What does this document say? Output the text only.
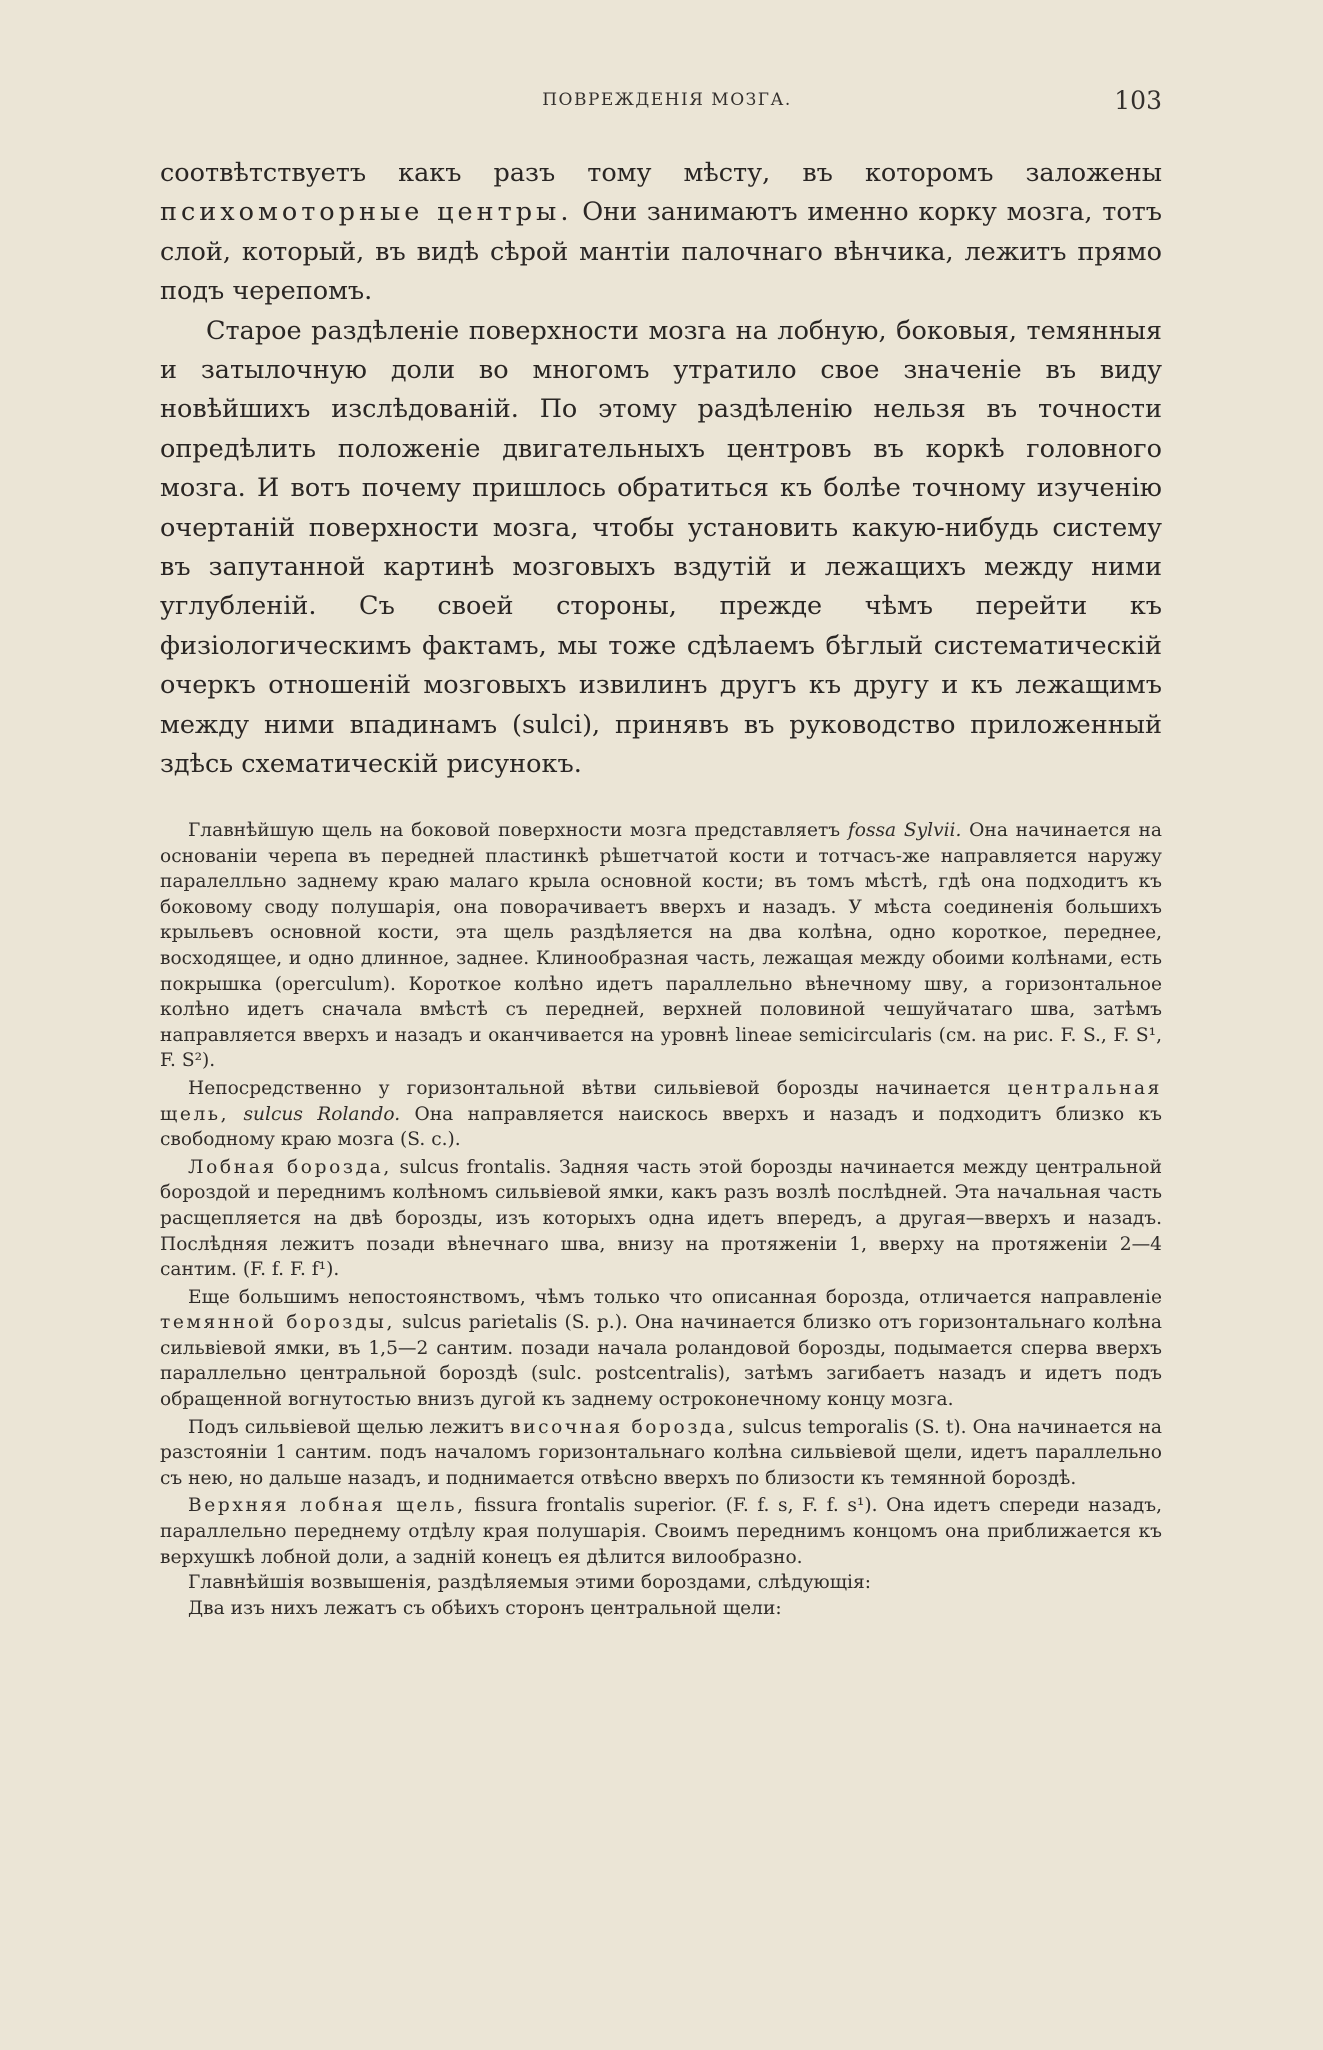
ПОВРЕЖДЕНІЯ МОЗГА.	103

соотвѣтствуетъ какъ разъ тому мѣсту, въ которомъ заложены психомоторные центры. Они занимаютъ именно корку мозга, тотъ слой, который, въ видѣ сѣрой мантіи палочнаго вѣнчика, лежитъ прямо подъ черепомъ.

Старое раздѣленіе поверхности мозга на лобную, боковыя, темянныя и затылочную доли во многомъ утратило свое значеніе въ виду новѣйшихъ изслѣдованій. По этому раздѣленію нельзя въ точности опредѣлить положеніе двигательныхъ центровъ въ коркѣ головного мозга. И вотъ почему пришлось обратиться къ болѣе точному изученію очертаній поверхности мозга, чтобы установить какую-нибудь систему въ запутанной картинѣ мозговыхъ вздутій и лежащихъ между ними углубленій. Съ своей стороны, прежде чѣмъ перейти къ физіологическимъ фактамъ, мы тоже сдѣлаемъ бѣглый систематическій очеркъ отношеній мозговыхъ извилинъ другъ къ другу и къ лежащимъ между ними впадинамъ (sulci), принявъ въ руководство приложенный здѣсь схематическій рисунокъ.

Главнѣйшую щель на боковой поверхности мозга представляетъ fossa Sylvii. Она начинается на основаніи черепа въ передней пластинкѣ рѣшетчатой кости и тотчасъ-же направляется наружу паралелльно заднему краю малаго крыла основной кости; въ томъ мѣстѣ, гдѣ она подходитъ къ боковому своду полушарія, она поворачиваетъ вверхъ и назадъ. У мѣста соединенія большихъ крыльевъ основной кости, эта щель раздѣляется на два колѣна, одно короткое, переднее, восходящее, и одно длинное, заднее. Клинообразная часть, лежащая между обоими колѣнами, есть покрышка (operculum). Короткое колѣно идетъ параллельно вѣнечному шву, а горизонтальное колѣно идетъ сначала вмѣстѣ съ передней, верхней половиной чешуйчатаго шва, затѣмъ направляется вверхъ и назадъ и оканчивается на уровнѣ lineae semicircularis (см. на рис. F. S., F. S¹, F. S²).

Непосредственно у горизонтальной вѣтви сильвіевой борозды начинается центральная щель, sulcus Rolando. Она направляется наискось вверхъ и назадъ и подходитъ близко къ свободному краю мозга (S. c.).

Лобная борозда, sulcus frontalis. Задняя часть этой борозды начинается между центральной бороздой и переднимъ колѣномъ сильвіевой ямки, какъ разъ возлѣ послѣдней. Эта начальная часть расщепляется на двѣ борозды, изъ которыхъ одна идетъ впередъ, а другая—вверхъ и назадъ. Послѣдняя лежитъ позади вѣнечнаго шва, внизу на протяженіи 1, вверху на протяженіи 2—4 сантим. (F. f. F. f¹).

Еще большимъ непостоянствомъ, чѣмъ только что описанная борозда, отличается направленіе темянной борозды, sulcus parietalis (S. p.). Она начинается близко отъ горизонтальнаго колѣна сильвіевой ямки, въ 1,5—2 сантим. позади начала роландовой борозды, подымается сперва вверхъ параллельно центральной бороздѣ (sulc. postcentralis), затѣмъ загибаетъ назадъ и идетъ подъ обращенной вогнутостью внизъ дугой къ заднему остроконечному концу мозга.

Подъ сильвіевой щелью лежитъ височная борозда, sulcus temporalis (S. t). Она начинается на разстояніи 1 сантим. подъ началомъ горизонтальнаго колѣна сильвіевой щели, идетъ параллельно съ нею, но дальше назадъ, и поднимается отвѣсно вверхъ по близости къ темянной бороздѣ.

Верхняя лобная щель, fissura frontalis superior. (F. f. s, F. f. s¹). Она идетъ спереди назадъ, параллельно переднему отдѣлу края полушарія. Своимъ переднимъ концомъ она приближается къ верхушкѣ лобной доли, а задній конецъ ея дѣлится вилообразно.

Главнѣйшія возвышенія, раздѣляемыя этими бороздами, слѣдующія:

Два изъ нихъ лежатъ съ обѣихъ сторонъ центральной щели:
